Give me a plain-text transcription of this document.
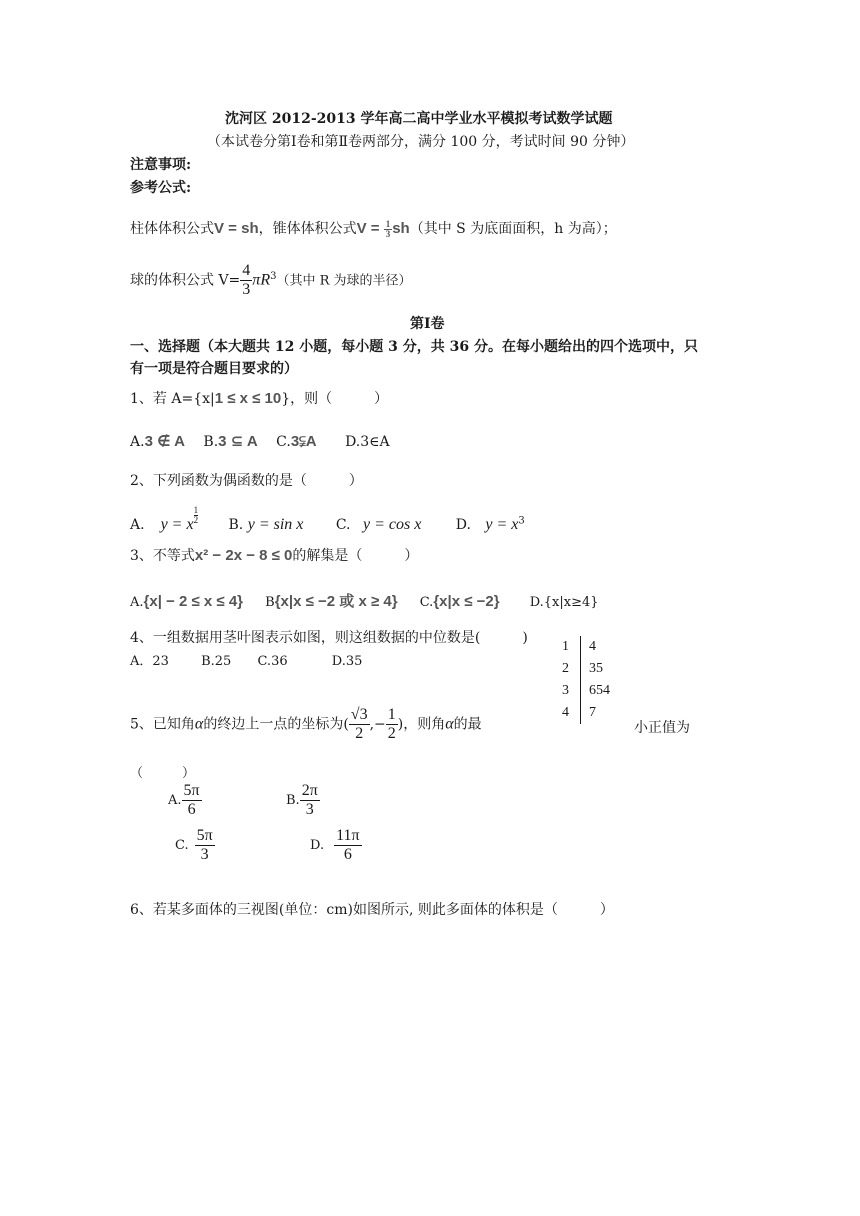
沈河区 2012-2013 学年高二高中学业水平模拟考试数学试题
（本试卷分第Ⅰ卷和第Ⅱ卷两部分，满分 100 分，考试时间 90 分钟）
注意事项:
参考公式:
柱体体积公式V = sh，锥体体积公式$V = \frac{1}{3} sh$（其中 S 为底面面积，h 为高）；
球的体积公式 $V= \frac{4}{3} \pi R^3$（其中 R 为球的半径）
第Ⅰ卷
一、选择题（本大题共 12 小题，每小题 3 分，共 36 分。在每小题给出的四个选项中，只
有一项是符合题目要求的）
1、若 A={x|1 ≤ x ≤ 10}，则（　　　）
A.3 ∉ A B.3 ⊆ A C.3⫋A D.3∈A
2、下列函数为偶函数的是（　　　）
A. y = x $\frac{1}{2} B$. y = sin x C. y = cos x D. $y = x^3$
3、不等式x² − 2x − 8 ≤ 0的解集是（　　　）
A.{x| − 2 ≤ x ≤ 4} B{x|x ≤ −2 或 x ≥ 4} C.{x|x ≤ −2} D.{x|x≥4}
4、一组数据用茎叶图表示如图，则这组数据的中位数是(　　　)
A．23 B.25 C.36	D.35
1	4
2	35
3	654
4	7
5、已知角α的终边上一点的坐标为( $\frac{√3}{2}$ ,− $\frac{1}{2}$ )，则角α的最	小正值为
（　　　）
A. $\frac{5\pi}{6}$	B. $\frac{2\pi}{3}$
C. $\frac{5\pi}{3}$	D. $\frac{11\pi}{6}$
6、若某多面体的三视图(单位：cm)如图所示, 则此多面体的体积是（　　　）
